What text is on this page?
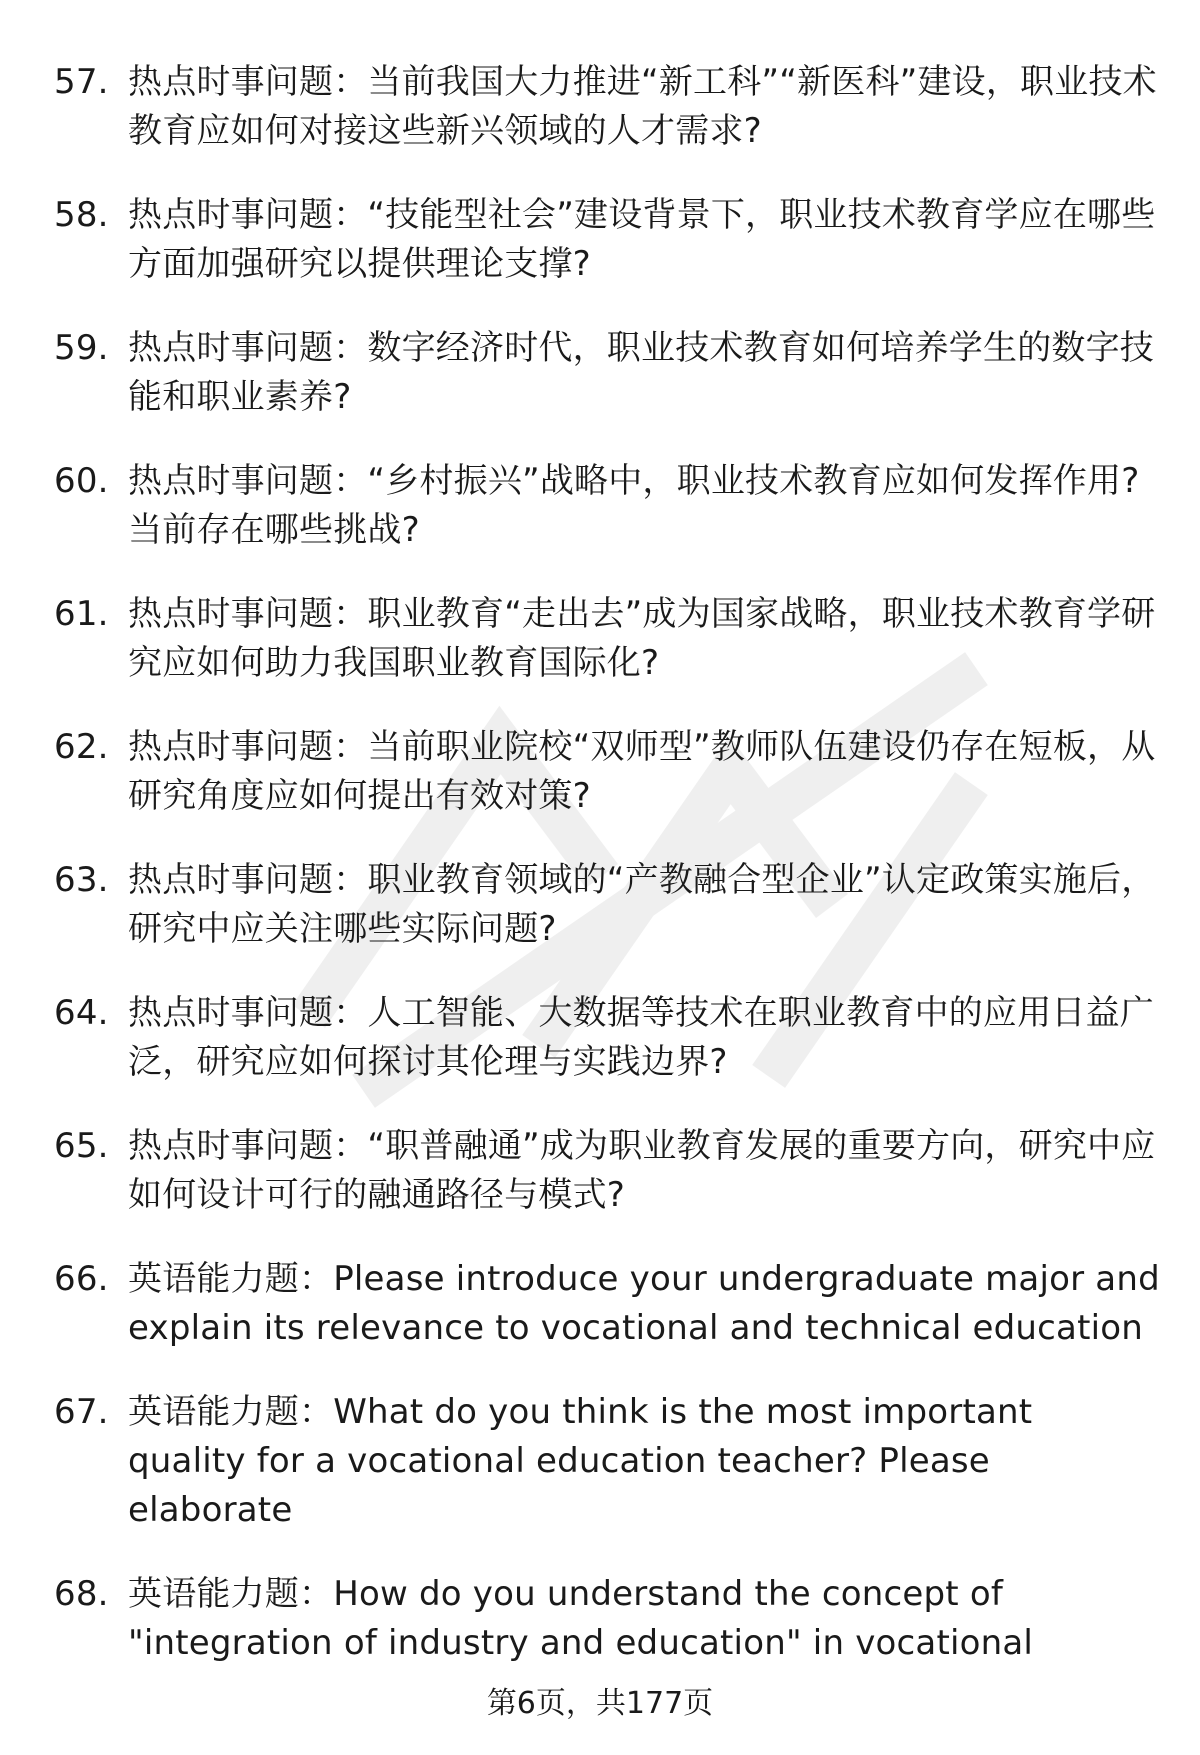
57. 热点时事问题：当前我国大力推进“新工科”“新医科”建设，职业技术教育应如何对接这些新兴领域的人才需求?
58. 热点时事问题：“技能型社会”建设背景下，职业技术教育学应在哪些方面加强研究以提供理论支撑?
59. 热点时事问题：数字经济时代，职业技术教育如何培养学生的数字技能和职业素养?
60. 热点时事问题：“乡村振兴”战略中，职业技术教育应如何发挥作用? 当前存在哪些挑战?
61. 热点时事问题：职业教育“走出去”成为国家战略，职业技术教育学研究应如何助力我国职业教育国际化?
62. 热点时事问题：当前职业院校“双师型”教师队伍建设仍存在短板，从研究角度应如何提出有效对策?
63. 热点时事问题：职业教育领域的“产教融合型企业”认定政策实施后，研究中应关注哪些实际问题?
64. 热点时事问题：人工智能、大数据等技术在职业教育中的应用日益广泛，研究应如何探讨其伦理与实践边界?
65. 热点时事问题：“职普融通”成为职业教育发展的重要方向，研究中应如何设计可行的融通路径与模式?
66. 英语能力题：Please introduce your undergraduate major and explain its relevance to vocational and technical education
67. 英语能力题：What do you think is the most important quality for a vocational education teacher? Please elaborate
68. 英语能力题：How do you understand the concept of "integration of industry and education" in vocational
第6页，共177页
